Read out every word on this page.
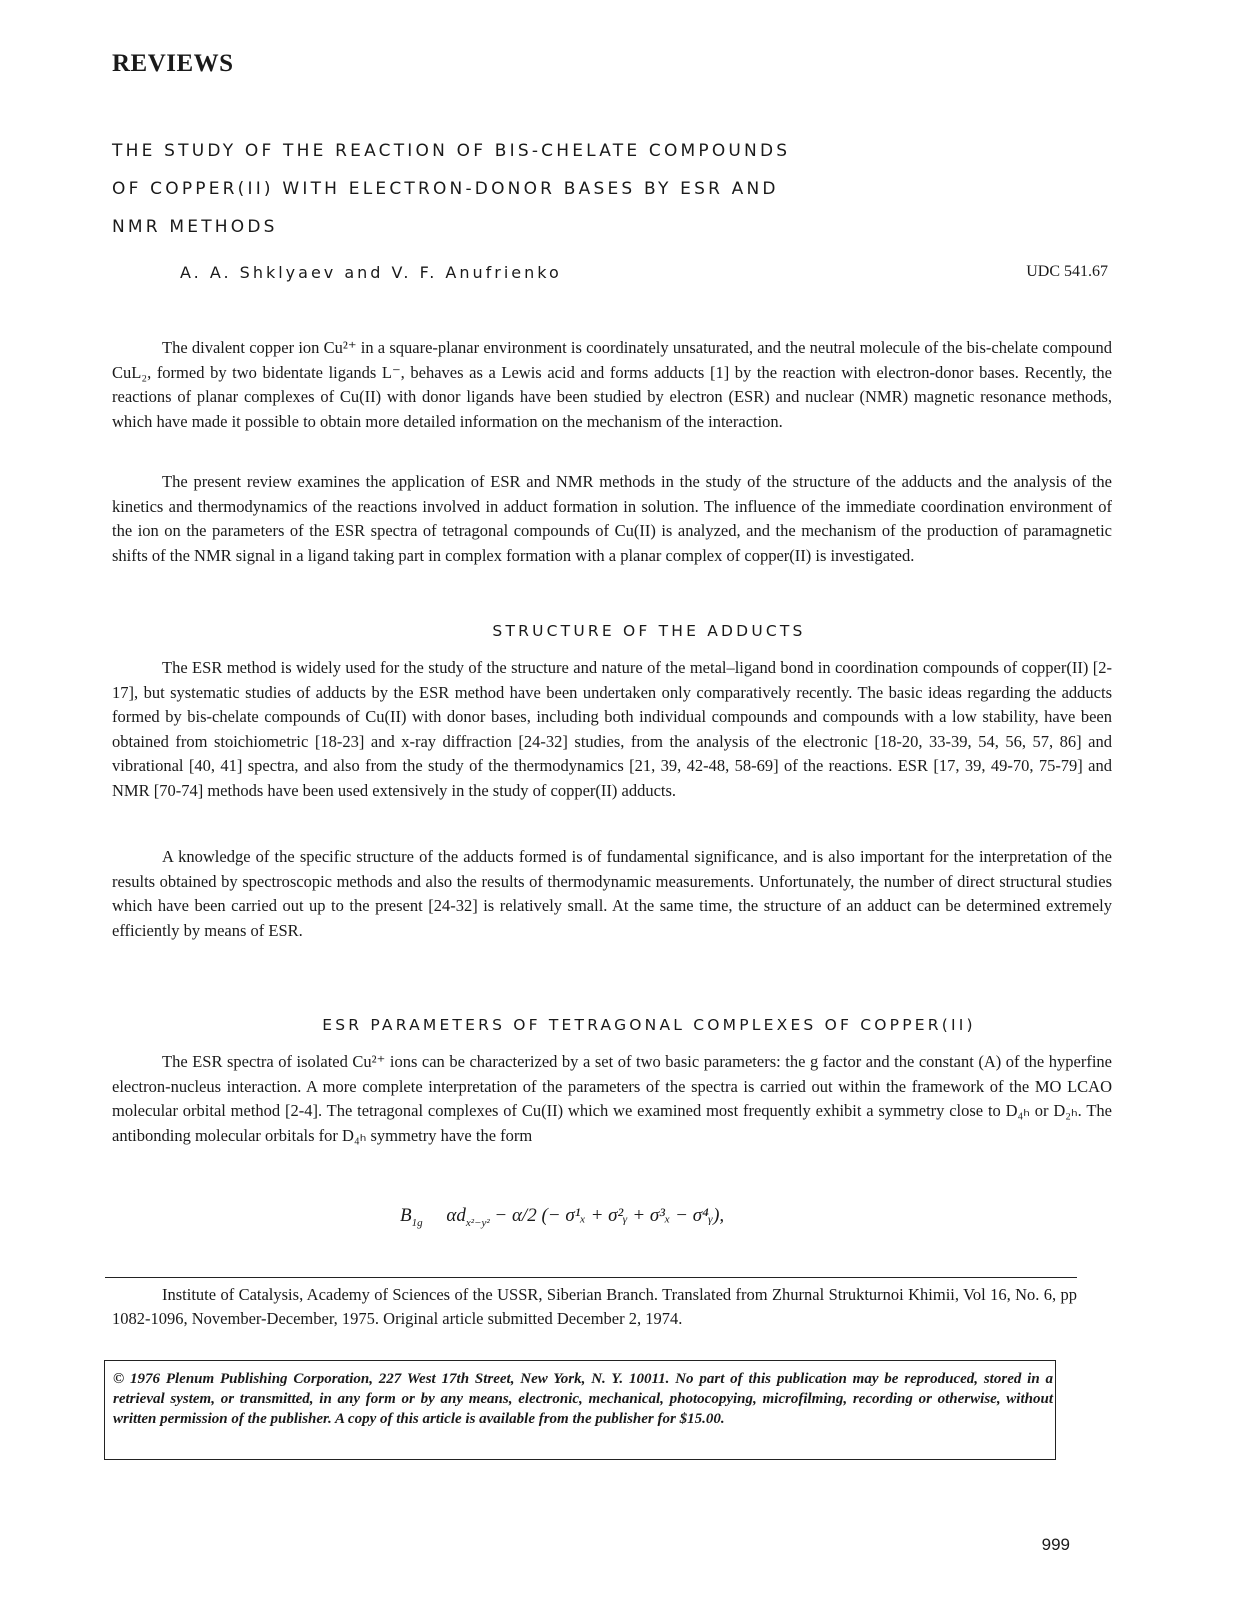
REVIEWS
THE STUDY OF THE REACTION OF BIS-CHELATE COMPOUNDS
OF COPPER(II) WITH ELECTRON-DONOR BASES BY ESR AND
NMR METHODS
A. A. Shklyaev and V. F. Anufrienko	UDC 541.67

The divalent copper ion Cu²⁺ in a square-planar environment is coordinately unsaturated, and the neutral molecule of the bis-chelate compound CuL₂, formed by two bidentate ligands L⁻, behaves as a Lewis acid and forms adducts [1] by the reaction with electron-donor bases. Recently, the reactions of planar complexes of Cu(II) with donor ligands have been studied by electron (ESR) and nuclear (NMR) magnetic resonance methods, which have made it possible to obtain more detailed information on the mechanism of the interaction.

The present review examines the application of ESR and NMR methods in the study of the structure of the adducts and the analysis of the kinetics and thermodynamics of the reactions involved in adduct formation in solution. The influence of the immediate coordination environment of the ion on the parameters of the ESR spectra of tetragonal compounds of Cu(II) is analyzed, and the mechanism of the production of paramagnetic shifts of the NMR signal in a ligand taking part in complex formation with a planar complex of copper(II) is investigated.

STRUCTURE OF THE ADDUCTS

The ESR method is widely used for the study of the structure and nature of the metal–ligand bond in coordination compounds of copper(II) [2-17], but systematic studies of adducts by the ESR method have been undertaken only comparatively recently. The basic ideas regarding the adducts formed by bis-chelate compounds of Cu(II) with donor bases, including both individual compounds and compounds with a low stability, have been obtained from stoichiometric [18-23] and x-ray diffraction [24-32] studies, from the analysis of the electronic [18-20, 33-39, 54, 56, 57, 86] and vibrational [40, 41] spectra, and also from the study of the thermodynamics [21, 39, 42-48, 58-69] of the reactions. ESR [17, 39, 49-70, 75-79] and NMR [70-74] methods have been used extensively in the study of copper(II) adducts.

A knowledge of the specific structure of the adducts formed is of fundamental significance, and is also important for the interpretation of the results obtained by spectroscopic methods and also the results of thermodynamic measurements. Unfortunately, the number of direct structural studies which have been carried out up to the present [24-32] is relatively small. At the same time, the structure of an adduct can be determined extremely efficiently by means of ESR.

ESR PARAMETERS OF TETRAGONAL COMPLEXES OF COPPER(II)

The ESR spectra of isolated Cu²⁺ ions can be characterized by a set of two basic parameters: the g factor and the constant (A) of the hyperfine electron-nucleus interaction. A more complete interpretation of the parameters of the spectra is carried out within the framework of the MO LCAO molecular orbital method [2-4]. The tetragonal complexes of Cu(II) which we examined most frequently exhibit a symmetry close to D₄ₕ or D₂ₕ. The antibonding molecular orbitals for D₄ₕ symmetry have the form

$B_{1g}$ $\alpha d_{x^2-y^2} - \alpha/2$ (− σ¹ₓ + σ²ᵧ + σ³ₓ − σ⁴ᵧ),

Institute of Catalysis, Academy of Sciences of the USSR, Siberian Branch. Translated from Zhurnal Strukturnoi Khimii, Vol 16, No. 6, pp 1082-1096, November-December, 1975. Original article submitted December 2, 1974.

© 1976 Plenum Publishing Corporation, 227 West 17th Street, New York, N. Y. 10011. No part of this publication may be reproduced, stored in a retrieval system, or transmitted, in any form or by any means, electronic, mechanical, photocopying, microfilming, recording or otherwise, without written permission of the publisher. A copy of this article is available from the publisher for $15.00.

999
